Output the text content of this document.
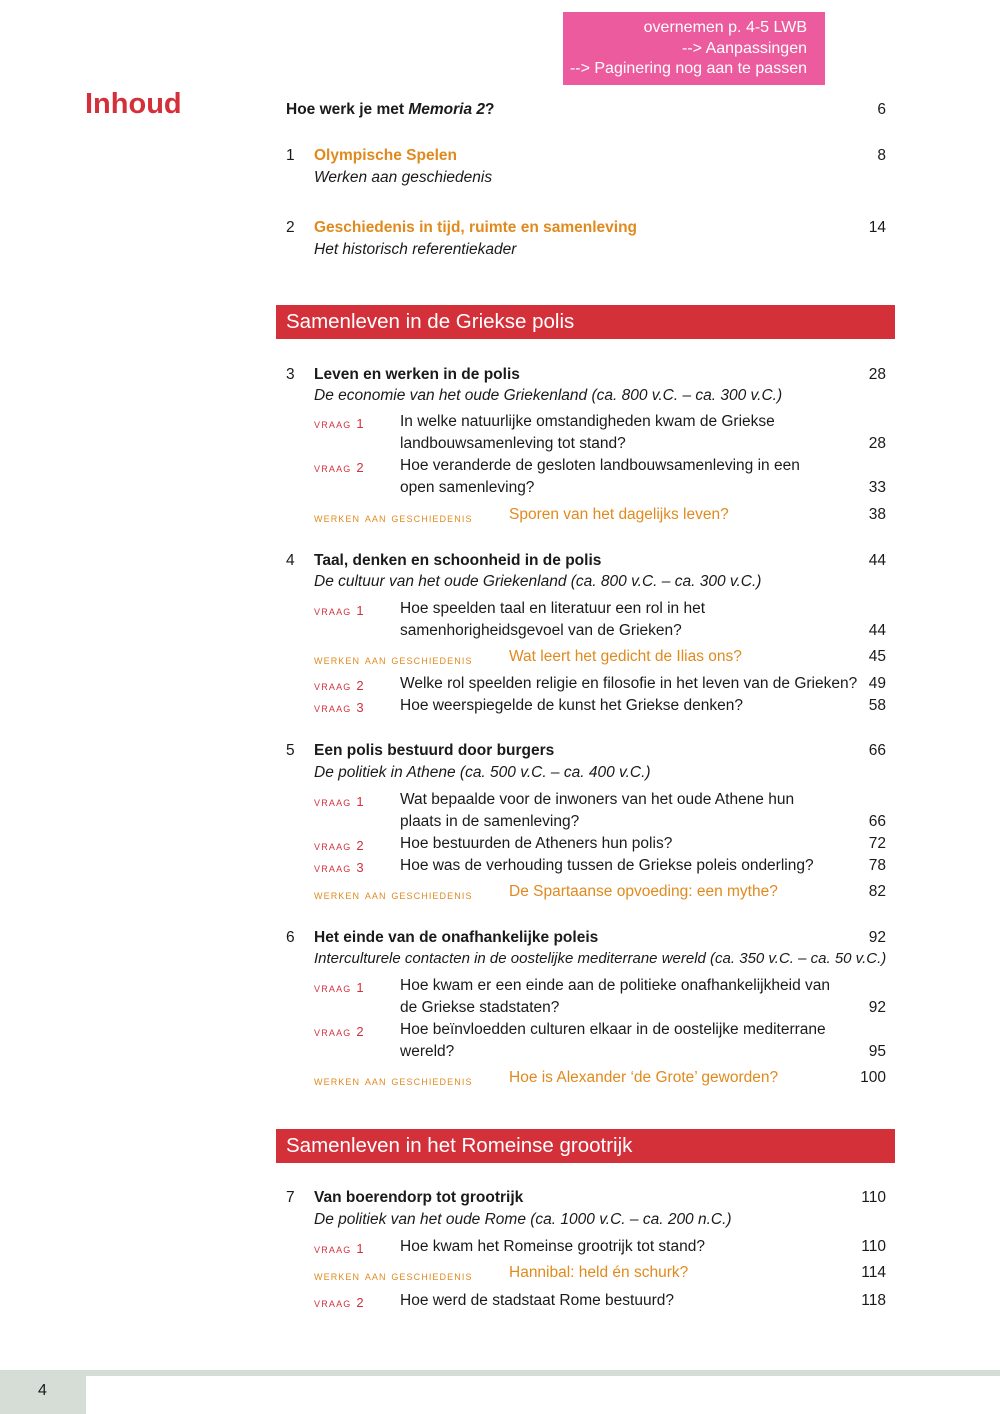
overnemen p. 4-5 LWB
--> Aanpassingen
--> Paginering nog aan te passen
Inhoud	Hoe werk je met Memoria 2?	6
1 Olympische Spelen	8
Werken aan geschiedenis
2 Geschiedenis in tijd, ruimte en samenleving	14
Het historisch referentiekader
Samenleven in de Griekse polis
3 Leven en werken in de polis	28
De economie van het oude Griekenland (ca. 800 v.C. – ca. 300 v.C.)
vraag 1 In welke natuurlijke omstandigheden kwam de Griekse
landbouwsamenleving tot stand?	28
vraag 2 Hoe veranderde de gesloten landbouwsamenleving in een
open samenleving?	33
werken aan geschiedenis Sporen van het dagelijks leven?	38
4 Taal, denken en schoonheid in de polis	44
De cultuur van het oude Griekenland (ca. 800 v.C. – ca. 300 v.C.)
vraag 1 Hoe speelden taal en literatuur een rol in het
samenhorigheidsgevoel van de Grieken?	44
werken aan geschiedenis Wat leert het gedicht de Ilias ons?	45
vraag 2 Welke rol speelden religie en filosofie in het leven van de Grieken? 49
vraag 3 Hoe weerspiegelde de kunst het Griekse denken?	58
5 Een polis bestuurd door burgers	66
De politiek in Athene (ca. 500 v.C. – ca. 400 v.C.)
vraag 1 Wat bepaalde voor de inwoners van het oude Athene hun
plaats in de samenleving?	66
vraag 2 Hoe bestuurden de Atheners hun polis?	72
vraag 3 Hoe was de verhouding tussen de Griekse poleis onderling?	78
werken aan geschiedenis De Spartaanse opvoeding: een mythe?	82
6 Het einde van de onafhankelijke poleis	92
Interculturele contacten in de oostelijke mediterrane wereld (ca. 350 v.C. – ca. 50 v.C.)
vraag 1 Hoe kwam er een einde aan de politieke onafhankelijkheid van
de Griekse stadstaten?	92
vraag 2 Hoe beïnvloedden culturen elkaar in de oostelijke mediterrane
wereld?	95
werken aan geschiedenis Hoe is Alexander ‘de Grote’ geworden?	100
Samenleven in het Romeinse grootrijk
7 Van boerendorp tot grootrijk	110
De politiek van het oude Rome (ca. 1000 v.C. – ca. 200 n.C.)
vraag 1 Hoe kwam het Romeinse grootrijk tot stand?	110
werken aan geschiedenis Hannibal: held én schurk?	114
vraag 2 Hoe werd de stadstaat Rome bestuurd?	118
4
